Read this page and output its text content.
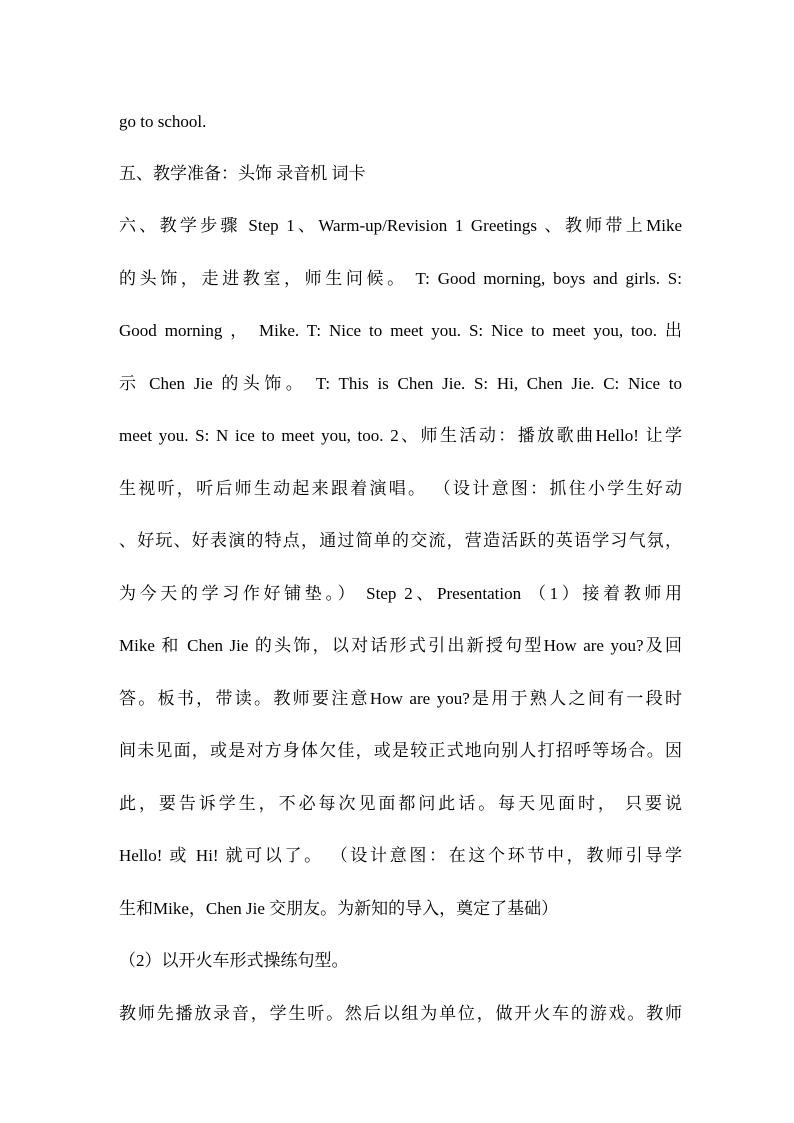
go to school.
五、教学准备：头饰 录音机 词卡
六、教学步骤 Step 1、Warm-up/Revision 1 Greetings 、教师带上Mike
的头饰，走进教室，师生问候。 T: Good morning, boys and girls. S:
Good morning ， Mike. T: Nice to meet you. S: Nice to meet you, too. 出
示 Chen Jie 的头饰。 T: This is Chen Jie. S: Hi, Chen Jie. C: Nice to
meet you. S: N ice to meet you, too. 2、师生活动：播放歌曲Hello! 让学
生视听，听后师生动起来跟着演唱。 （设计意图：抓住小学生好动
、好玩、好表演的特点，通过简单的交流，营造活跃的英语学习气氛，
为今天的学习作好铺垫。） Step 2、Presentation （1）接着教师用
Mike 和 Chen Jie 的头饰，以对话形式引出新授句型How are you?及回
答。板书，带读。教师要注意How are you?是用于熟人之间有一段时
间未见面，或是对方身体欠佳，或是较正式地向别人打招呼等场合。因
此，要告诉学生，不必每次见面都问此话。每天见面时， 只要说
Hello! 或 Hi! 就可以了。 （设计意图：在这个环节中，教师引导学
生和Mike，Chen Jie 交朋友。为新知的导入，奠定了基础）
（2）以开火车形式操练句型。
教师先播放录音，学生听。然后以组为单位，做开火车的游戏。教师
